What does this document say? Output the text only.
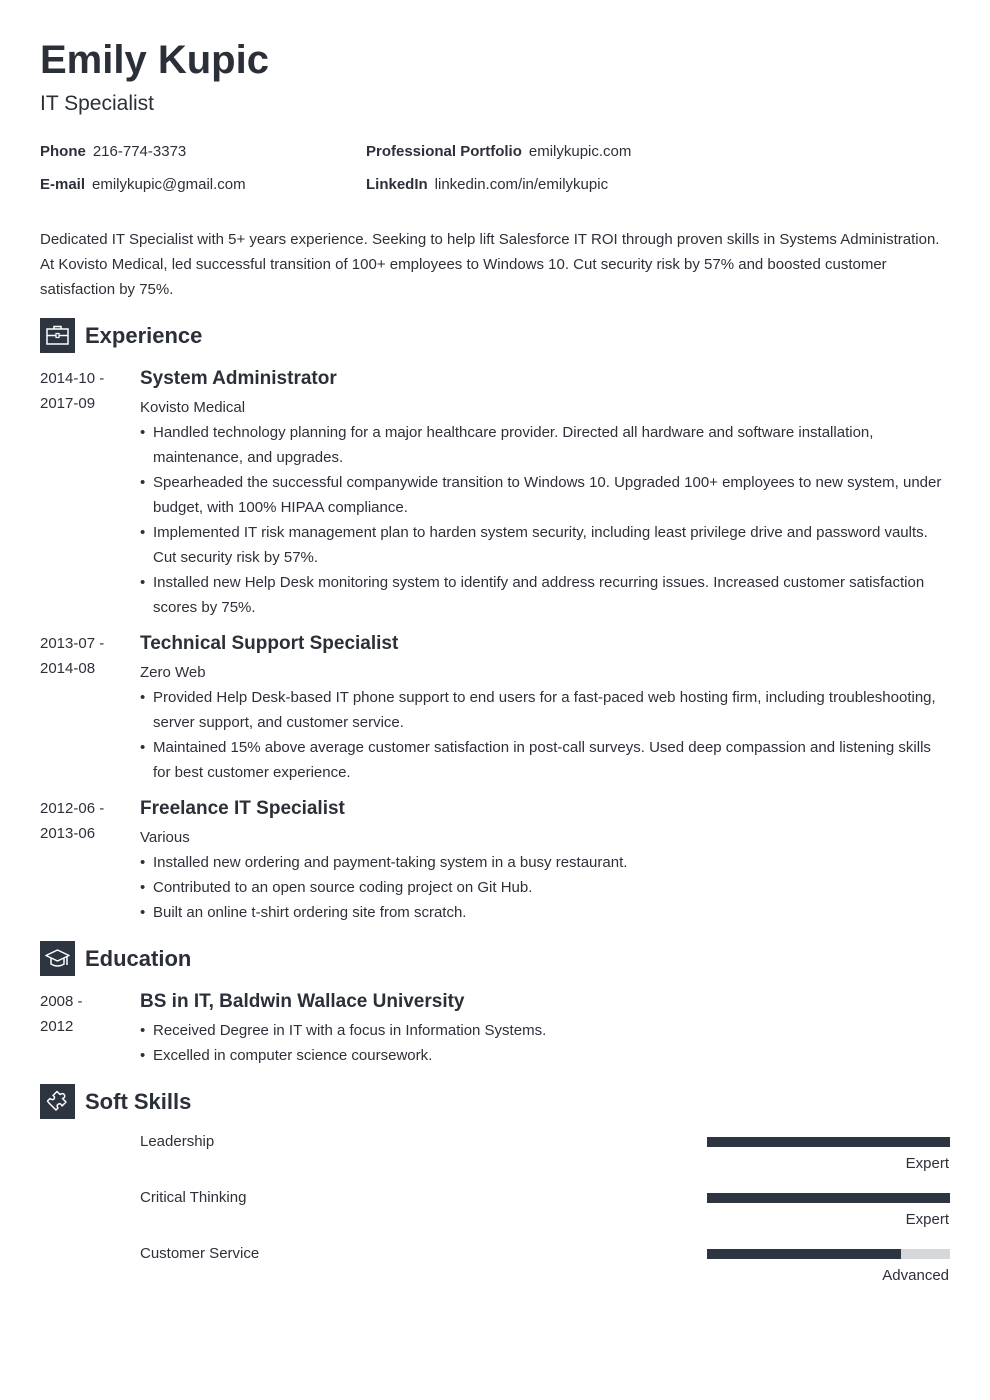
Emily Kupic
IT Specialist
Phone 216-774-3373
E-mail emilykupic@gmail.com
Professional Portfolio emilykupic.com
LinkedIn linkedin.com/in/emilykupic
Dedicated IT Specialist with 5+ years experience. Seeking to help lift Salesforce IT ROI through proven skills in Systems Administration. At Kovisto Medical, led successful transition of 100+ employees to Windows 10. Cut security risk by 57% and boosted customer satisfaction by 75%.
Experience
2014-10 -
2017-09
System Administrator
Kovisto Medical
• Handled technology planning for a major healthcare provider. Directed all hardware and software installation, maintenance, and upgrades.
• Spearheaded the successful companywide transition to Windows 10. Upgraded 100+ employees to new system, under budget, with 100% HIPAA compliance.
• Implemented IT risk management plan to harden system security, including least privilege drive and password vaults. Cut security risk by 57%.
• Installed new Help Desk monitoring system to identify and address recurring issues. Increased customer satisfaction scores by 75%.
2013-07 -
2014-08
Technical Support Specialist
Zero Web
• Provided Help Desk-based IT phone support to end users for a fast-paced web hosting firm, including troubleshooting, server support, and customer service.
• Maintained 15% above average customer satisfaction in post-call surveys. Used deep compassion and listening skills for best customer experience.
2012-06 -
2013-06
Freelance IT Specialist
Various
• Installed new ordering and payment-taking system in a busy restaurant.
• Contributed to an open source coding project on Git Hub.
• Built an online t-shirt ordering site from scratch.
Education
2008 -
2012
BS in IT, Baldwin Wallace University
• Received Degree in IT with a focus in Information Systems.
• Excelled in computer science coursework.
Soft Skills
Leadership
Expert
Critical Thinking
Expert
Customer Service
Advanced
